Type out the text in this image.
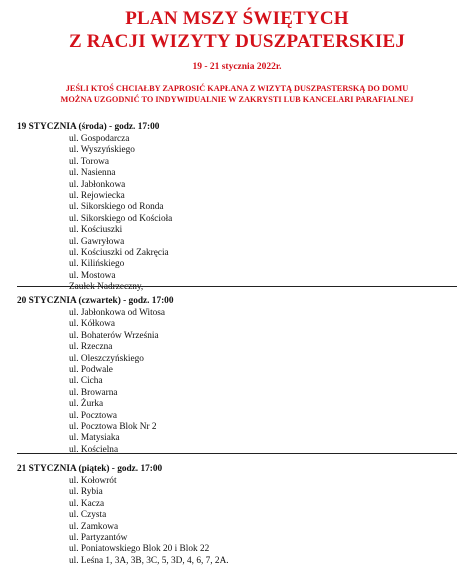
PLAN MSZY ŚWIĘTYCH
Z RACJI WIZYTY DUSZPATERSKIEJ
19 - 21 stycznia 2022r.
JEŚLI KTOŚ CHCIAŁBY ZAPROSIĆ KAPŁANA Z WIZYTĄ DUSZPASTERSKĄ DO DOMU
MOŻNA UZGODNIĆ TO INDYWIDUALNIE W ZAKRYSTI LUB KANCELARI PARAFIALNEJ
19 STYCZNIA (środa) - godz. 17:00
ul. Gospodarcza
ul. Wyszyńskiego
ul. Torowa
ul. Nasienna
ul. Jabłonkowa
ul. Rejowiecka
ul. Sikorskiego od Ronda
ul. Sikorskiego od Kościoła
ul. Kościuszki
ul. Gawryłowa
ul. Kościuszki od Zakręcia
ul. Kilińskiego
ul. Mostowa
Zaułek Nadrzeczny,
20 STYCZNIA (czwartek) - godz. 17:00
ul. Jabłonkowa od Witosa
ul. Kółkowa
ul. Bohaterów Września
ul. Rzeczna
ul. Oleszczyńskiego
ul. Podwale
ul. Cicha
ul. Browarna
ul. Żurka
ul. Pocztowa
ul. Pocztowa Blok Nr 2
ul. Matysiaka
ul. Kościelna
21 STYCZNIA (piątek) - godz. 17:00
ul. Kołowrót
ul. Rybia
ul. Kacza
ul. Czysta
ul. Zamkowa
ul. Partyzantów
ul. Poniatowskiego Blok 20 i Blok 22
ul. Leśna 1, 3A, 3B, 3C, 5, 3D, 4, 6, 7, 2A.
